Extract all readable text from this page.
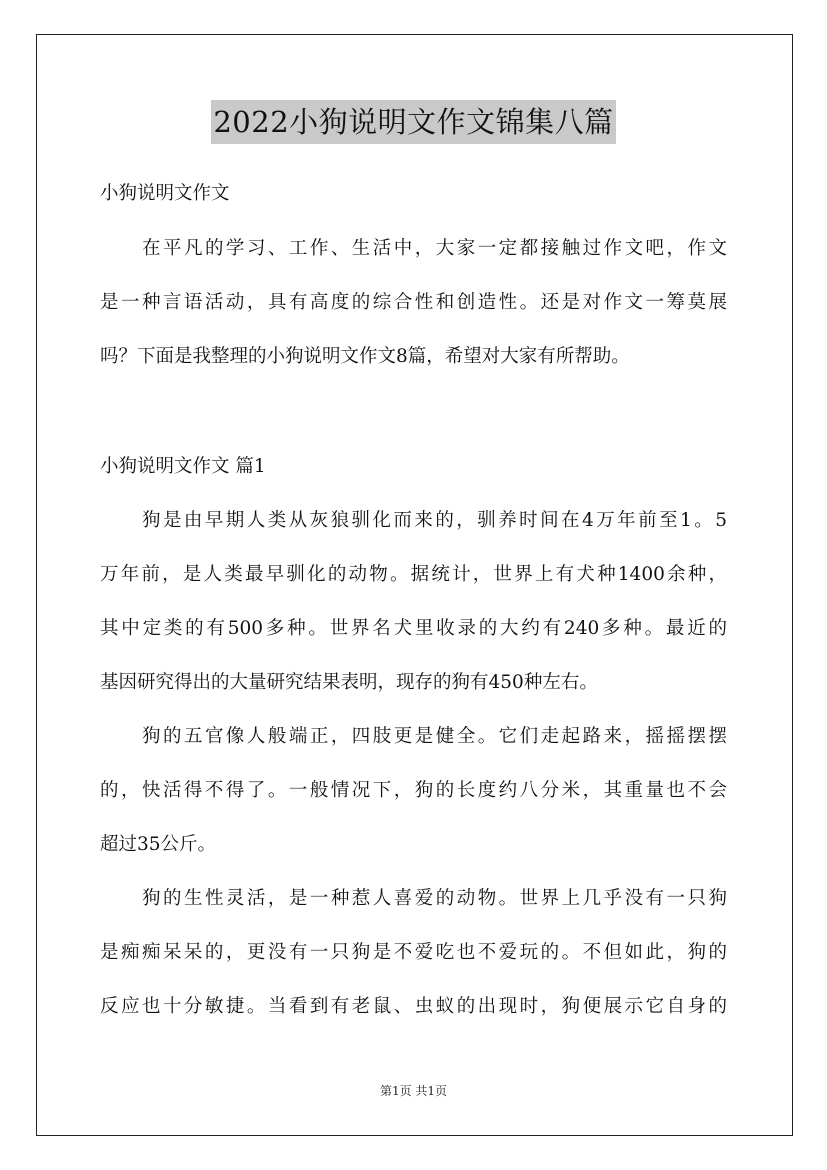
2022小狗说明文作文锦集八篇
小狗说明文作文
在平凡的学习、工作、生活中，大家一定都接触过作文吧，作文
是一种言语活动，具有高度的综合性和创造性。还是对作文一筹莫展
吗？下面是我整理的小狗说明文作文8篇，希望对大家有所帮助。
小狗说明文作文 篇1
狗是由早期人类从灰狼驯化而来的，驯养时间在4万年前至1。5
万年前，是人类最早驯化的动物。据统计，世界上有犬种1400余种，
其中定类的有500多种。世界名犬里收录的大约有240多种。最近的
基因研究得出的大量研究结果表明，现存的狗有450种左右。
狗的五官像人般端正，四肢更是健全。它们走起路来，摇摇摆摆
的，快活得不得了。一般情况下，狗的长度约八分米，其重量也不会
超过35公斤。
狗的生性灵活，是一种惹人喜爱的动物。世界上几乎没有一只狗
是痴痴呆呆的，更没有一只狗是不爱吃也不爱玩的。不但如此，狗的
反应也十分敏捷。当看到有老鼠、虫蚁的出现时，狗便展示它自身的
第1页 共1页
